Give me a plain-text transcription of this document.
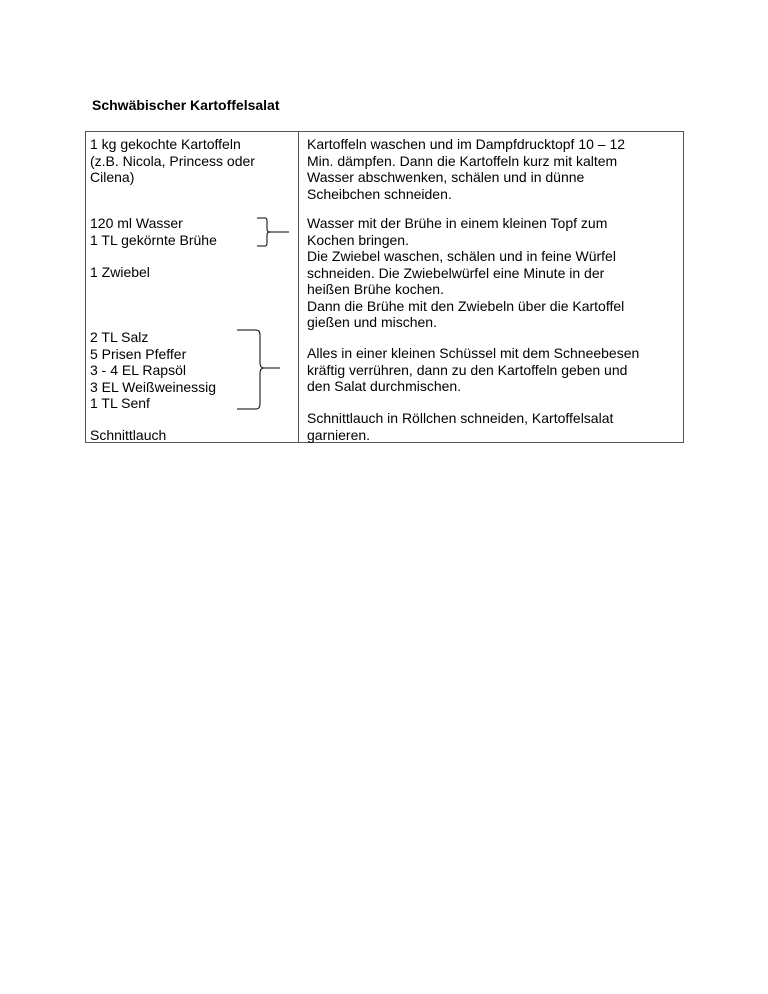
Schwäbischer Kartoffelsalat
1 kg gekochte Kartoffeln
(z.B. Nicola, Princess oder
Cilena)
120 ml Wasser
1 TL gekörnte Brühe
1 Zwiebel
2 TL Salz
5 Prisen Pfeffer
3 - 4 EL Rapsöl
3 EL Weißweinessig
1 TL Senf
Schnittlauch
Kartoffeln waschen und im Dampfdrucktopf 10 – 12
Min. dämpfen. Dann die Kartoffeln kurz mit kaltem
Wasser abschwenken, schälen und in dünne
Scheibchen schneiden.
Wasser mit der Brühe in einem kleinen Topf zum
Kochen bringen.
Die Zwiebel waschen, schälen und in feine Würfel
schneiden. Die Zwiebelwürfel eine Minute in der
heißen Brühe kochen.
Dann die Brühe mit den Zwiebeln über die Kartoffel
gießen und mischen.
Alles in einer kleinen Schüssel mit dem Schneebesen
kräftig verrühren, dann zu den Kartoffeln geben und
den Salat durchmischen.
Schnittlauch in Röllchen schneiden, Kartoffelsalat
garnieren.
